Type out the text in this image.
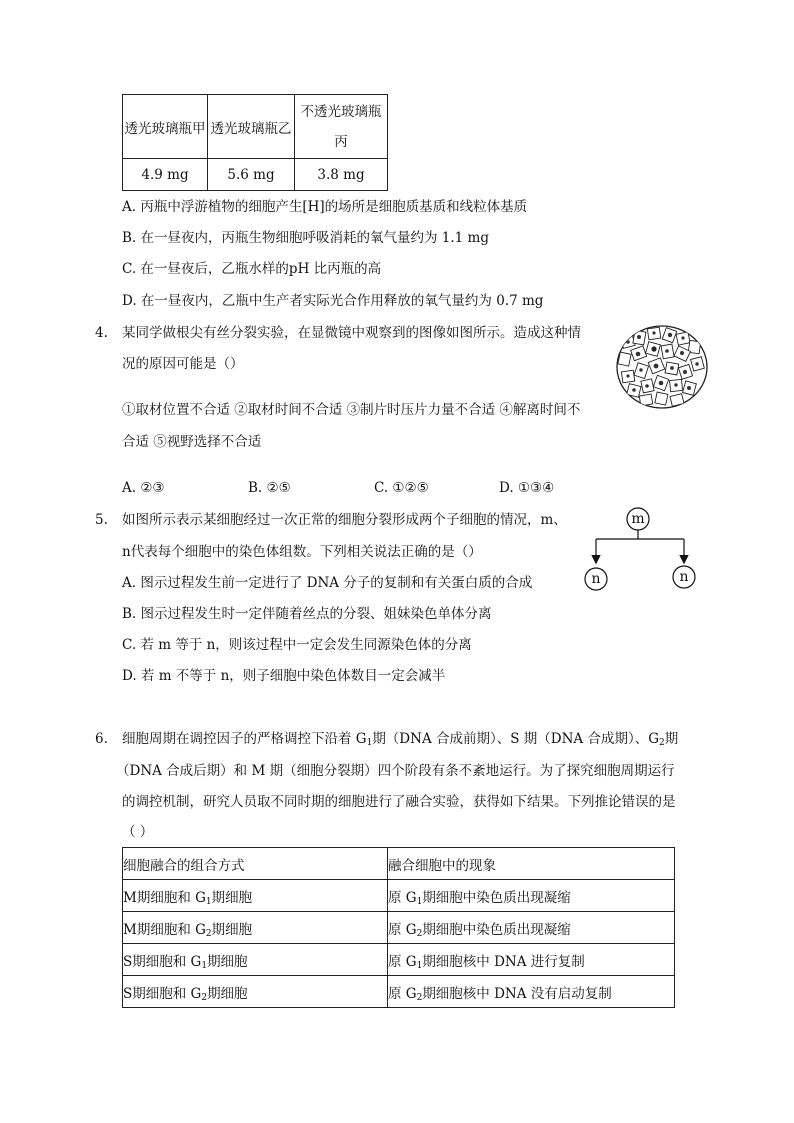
透光玻璃瓶甲	透光玻璃瓶乙	不透光玻璃瓶
丙
4.9 mg	5.6 mg	3.8 mg
A. 丙瓶中浮游植物的细胞产生[H]的场所是细胞质基质和线粒体基质
B. 在一昼夜内，丙瓶生物细胞呼吸消耗的氧气量约为 1.1 mg
C. 在一昼夜后，乙瓶水样的pH 比丙瓶的高
D. 在一昼夜内，乙瓶中生产者实际光合作用释放的氧气量约为 0.7 mg
4. 某同学做根尖有丝分裂实验，在显微镜中观察到的图像如图所示。造成这种情
况的原因可能是（）
①取材位置不合适 ②取材时间不合适 ③制片时压片力量不合适 ④解离时间不
合适 ⑤视野选择不合适
A. ②③	B. ②⑤	C. ①②⑤	D. ①③④
5. 如图所示表示某细胞经过一次正常的细胞分裂形成两个子细胞的情况，m、
n代表每个细胞中的染色体组数。下列相关说法正确的是（）
A. 图示过程发生前一定进行了 DNA 分子的复制和有关蛋白质的合成
B. 图示过程发生时一定伴随着丝点的分裂、姐妹染色单体分离
C. 若 m 等于 n，则该过程中一定会发生同源染色体的分离
D. 若 m 不等于 n，则子细胞中染色体数目一定会减半
m
n	n
6. 细胞周期在调控因子的严格调控下沿着 $G_1$期（DNA 合成前期）、S 期（DNA 合成期）、$G_2$期
（DNA 合成后期）和 M 期（细胞分裂期）四个阶段有条不紊地运行。为了探究细胞周期运行
的调控机制，研究人员取不同时期的细胞进行了融合实验，获得如下结果。下列推论错误的是
（ ）
细胞融合的组合方式	融合细胞中的现象
M期细胞和 $G_1$期细胞	原 $G_1$期细胞中染色质出现凝缩
M期细胞和 $G_2$期细胞	原 $G_2$期细胞中染色质出现凝缩
S期细胞和 $G_1$期细胞	原 $G_1$期细胞核中 DNA 进行复制
S期细胞和 $G_2$期细胞	原 $G_2$期细胞核中 DNA 没有启动复制
